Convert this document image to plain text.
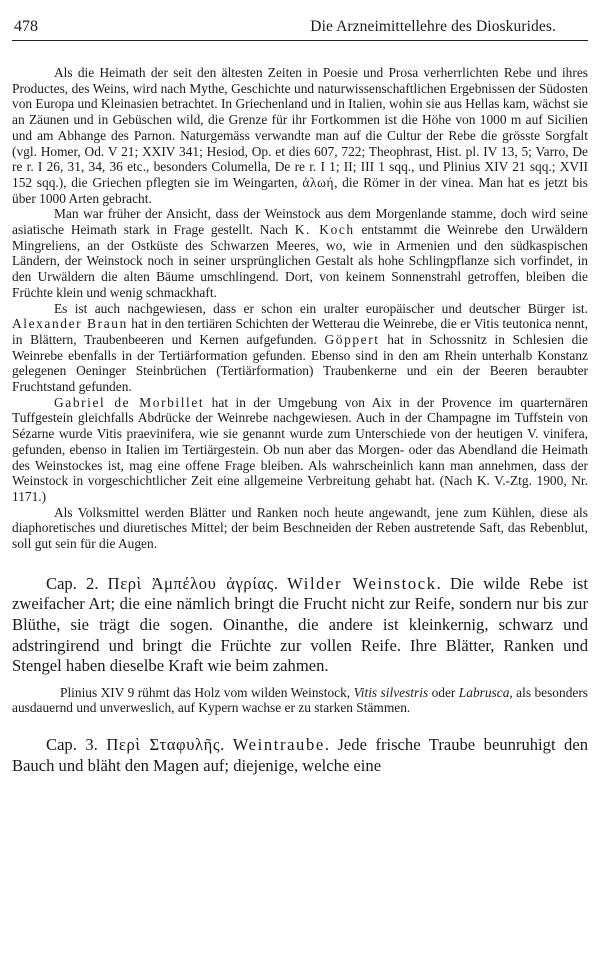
478	Die Arzneimittellehre des Dioskurides.

Als die Heimath der seit den ältesten Zeiten in Poesie und Prosa verherrlichten Rebe und ihres Productes, des Weins, wird nach Mythe, Geschichte und naturwissenschaftlichen Ergebnissen der Südosten von Europa und Kleinasien betrachtet. In Griechenland und in Italien, wohin sie aus Hellas kam, wächst sie an Zäunen und in Gebüschen wild, die Grenze für ihr Fortkommen ist die Höhe von 1000 m auf Sicilien und am Abhange des Parnon. Naturgemäss verwandte man auf die Cultur der Rebe die grösste Sorgfalt (vgl. Homer, Od. V 21; XXIV 341; Hesiod, Op. et dies 607, 722; Theophrast, Hist. pl. IV 13, 5; Varro, De re r. I 26, 31, 34, 36 etc., besonders Columella, De re r. I 1; II; III 1 sqq., und Plinius XIV 21 sqq.; XVII 152 sqq.), die Griechen pflegten sie im Weingarten, ἀλωή, die Römer in der vinea. Man hat es jetzt bis über 1000 Arten gebracht.

Man war früher der Ansicht, dass der Weinstock aus dem Morgenlande stamme, doch wird seine asiatische Heimath stark in Frage gestellt. Nach K. Koch entstammt die Weinrebe den Urwäldern Mingreliens, an der Ostküste des Schwarzen Meeres, wo, wie in Armenien und den südkaspischen Ländern, der Weinstock noch in seiner ursprünglichen Gestalt als hohe Schlingpflanze sich vorfindet, in den Urwäldern die alten Bäume umschlingend. Dort, von keinem Sonnenstrahl getroffen, bleiben die Früchte klein und wenig schmackhaft.

Es ist auch nachgewiesen, dass er schon ein uralter europäischer und deutscher Bürger ist. Alexander Braun hat in den tertiären Schichten der Wetterau die Weinrebe, die er Vitis teutonica nennt, in Blättern, Traubenbeeren und Kernen aufgefunden. Göppert hat in Schossnitz in Schlesien die Weinrebe ebenfalls in der Tertiärformation gefunden. Ebenso sind in den am Rhein unterhalb Konstanz gelegenen Oeninger Steinbrüchen (Tertiärformation) Traubenkerne und ein der Beeren beraubter Fruchtstand gefunden.

Gabriel de Morbillet hat in der Umgebung von Aix in der Provence im quarternären Tuffgestein gleichfalls Abdrücke der Weinrebe nachgewiesen. Auch in der Champagne im Tuffstein von Sézarne wurde Vitis praevinifera, wie sie genannt wurde zum Unterschiede von der heutigen V. vinifera, gefunden, ebenso in Italien im Tertiärgestein. Ob nun aber das Morgen- oder das Abendland die Heimath des Weinstockes ist, mag eine offene Frage bleiben. Als wahrscheinlich kann man annehmen, dass der Weinstock in vorgeschichtlicher Zeit eine allgemeine Verbreitung gehabt hat. (Nach K. V.-Ztg. 1900, Nr. 1171.)

Als Volksmittel werden Blätter und Ranken noch heute angewandt, jene zum Kühlen, diese als diaphoretisches und diuretisches Mittel; der beim Beschneiden der Reben austretende Saft, das Rebenblut, soll gut sein für die Augen.

Cap. 2. Περὶ Ἀμπέλου ἀγρίας. Wilder Weinstock. Die wilde Rebe ist zweifacher Art; die eine nämlich bringt die Frucht nicht zur Reife, sondern nur bis zur Blüthe, sie trägt die sogen. Oinanthe, die andere ist kleinkernig, schwarz und adstringirend und bringt die Früchte zur vollen Reife. Ihre Blätter, Ranken und Stengel haben dieselbe Kraft wie beim zahmen.

Plinius XIV 9 rühmt das Holz vom wilden Weinstock, Vitis silvestris oder Labrusca, als besonders ausdauernd und unverweslich, auf Kypern wachse er zu starken Stämmen.

Cap. 3. Περὶ Σταφυλῆς. Weintraube. Jede frische Traube beunruhigt den Bauch und bläht den Magen auf; diejenige, welche eine
